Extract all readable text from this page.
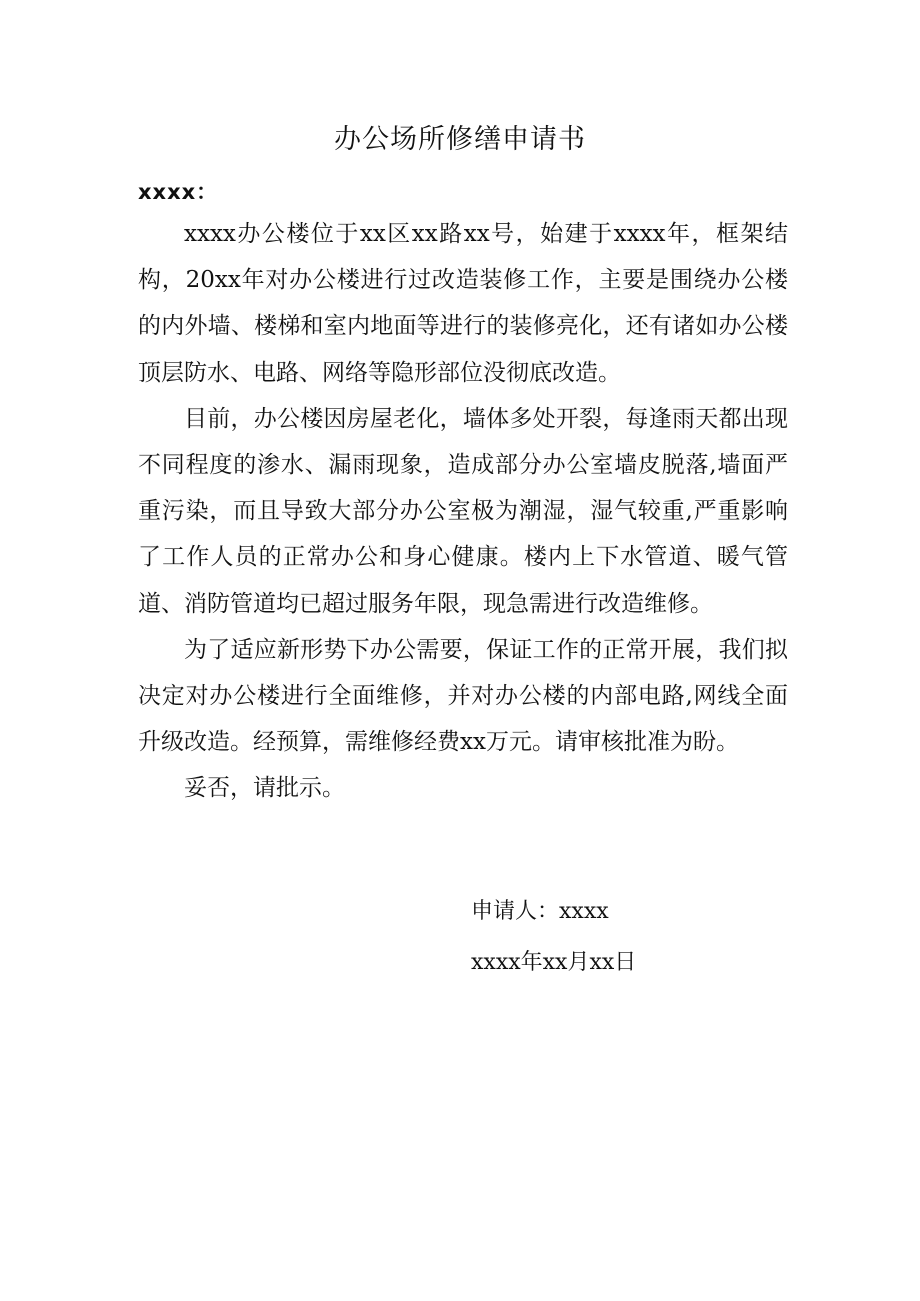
办公场所修缮申请书
xxxx：

xxxx办公楼位于xx区xx路xx号，始建于xxxx年，框架结构，20xx年对办公楼进行过改造装修工作，主要是围绕办公楼的内外墙、楼梯和室内地面等进行的装修亮化，还有诸如办公楼顶层防水、电路、网络等隐形部位没彻底改造。

目前，办公楼因房屋老化，墙体多处开裂，每逢雨天都出现不同程度的渗水、漏雨现象，造成部分办公室墙皮脱落,墙面严重污染，而且导致大部分办公室极为潮湿，湿气较重,严重影响了工作人员的正常办公和身心健康。楼内上下水管道、暖气管道、消防管道均已超过服务年限，现急需进行改造维修。

为了适应新形势下办公需要，保证工作的正常开展，我们拟决定对办公楼进行全面维修，并对办公楼的内部电路,网线全面升级改造。经预算，需维修经费xx万元。请审核批准为盼。

妥否，请批示。

申请人：xxxx
xxxx年xx月xx日
